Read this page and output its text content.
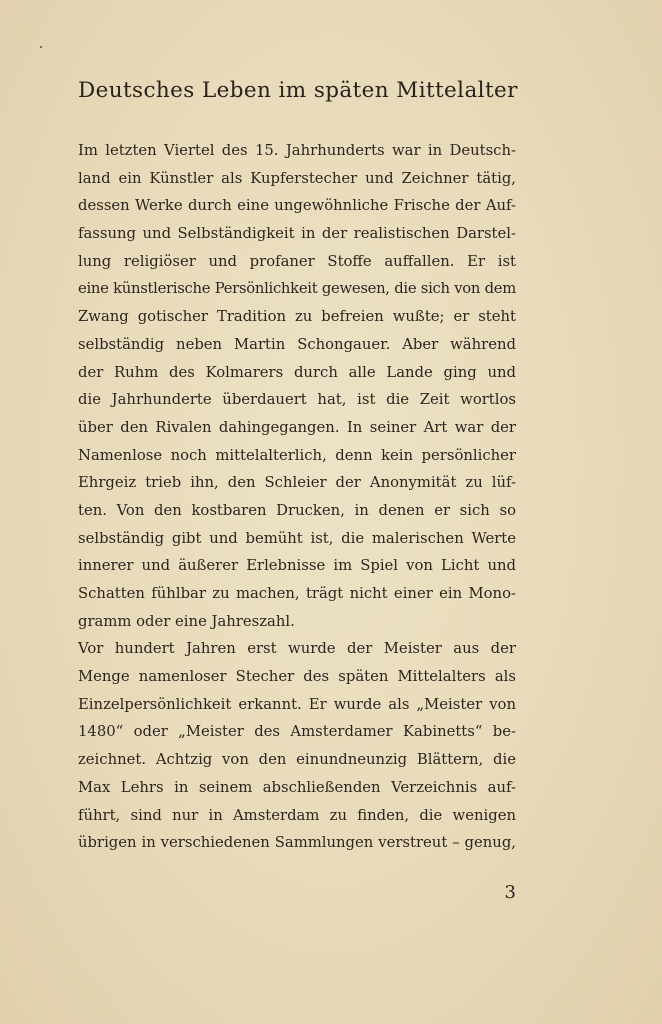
Deutsches Leben im späten Mittelalter
Im letzten Viertel des 15. Jahrhunderts war in Deutsch-
land ein Künstler als Kupferstecher und Zeichner tätig,
dessen Werke durch eine ungewöhnliche Frische der Auf-
fassung und Selbständigkeit in der realistischen Darstel-
lung religiöser und profaner Stoffe auffallen. Er ist
eine künstlerische Persönlichkeit gewesen, die sich von dem
Zwang gotischer Tradition zu befreien wußte; er steht
selbständig neben Martin Schongauer. Aber während
der Ruhm des Kolmarers durch alle Lande ging und
die Jahrhunderte überdauert hat, ist die Zeit wortlos
über den Rivalen dahingegangen. In seiner Art war der
Namenlose noch mittelalterlich, denn kein persönlicher
Ehrgeiz trieb ihn, den Schleier der Anonymität zu lüf-
ten. Von den kostbaren Drucken, in denen er sich so
selbständig gibt und bemüht ist, die malerischen Werte
innerer und äußerer Erlebnisse im Spiel von Licht und
Schatten fühlbar zu machen, trägt nicht einer ein Mono-
gramm oder eine Jahreszahl.
Vor hundert Jahren erst wurde der Meister aus der
Menge namenloser Stecher des späten Mittelalters als
Einzelpersönlichkeit erkannt. Er wurde als „Meister von
1480“ oder „Meister des Amsterdamer Kabinetts“ be-
zeichnet. Achtzig von den einundneunzig Blättern, die
Max Lehrs in seinem abschließenden Verzeichnis auf-
führt, sind nur in Amsterdam zu finden, die wenigen
übrigen in verschiedenen Sammlungen verstreut – genug,
3
